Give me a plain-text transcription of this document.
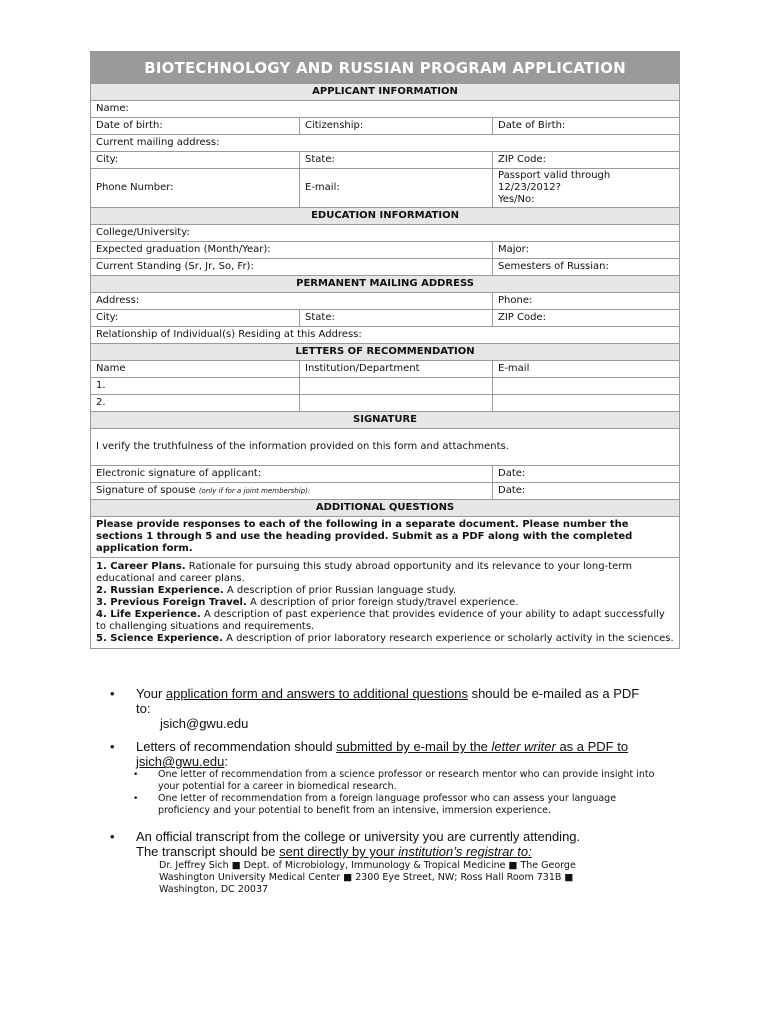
BIOTECHNOLOGY AND RUSSIAN PROGRAM APPLICATION		
APPLICANT INFORMATION		
Name:		
Date of birth:	Citizenship:	Date of Birth:
Current mailing address:		
City:	State:	ZIP Code:
Phone Number:	E-mail:	Passport valid through
12/23/2012?
Yes/No:

EDUCATION INFORMATION		
College/University:		
Expected graduation (Month/Year):		Major:
Current Standing (Sr, Jr, So, Fr):		Semesters of Russian:
PERMANENT MAILING ADDRESS		
Address:		Phone:
City:	State:	ZIP Code:
Relationship of Individual(s) Residing at this Address:		
LETTERS OF RECOMMENDATION		
Name	Institution/Department	E-mail
1.		
2.		
SIGNATURE		
I verify the truthfulness of the information provided on this form and attachments.		
Electronic signature of applicant:		Date:
Signature of spouse (only if for a joint membership):		Date:
ADDITIONAL QUESTIONS		
Please provide responses to each of the following in a separate document. Please number the sections 1 through 5 and use the heading provided. Submit as a PDF along with the completed application form.		

1. Career Plans. Rationale for pursuing this study abroad opportunity and its relevance to your long-term educational and career plans.
2. Russian Experience. A description of prior Russian language study.
3. Previous Foreign Travel. A description of prior foreign study/travel experience.
4. Life Experience. A description of past experience that provides evidence of your ability to adapt successfully to challenging situations and requirements.
5. Science Experience. A description of prior laboratory research experience or scholarly activity in the sciences.		
• Your application form and answers to additional questions should be e-mailed as a PDF to:
jsich@gwu.edu
• Letters of recommendation should submitted by e-mail by the letter writer as a PDF to jsich@gwu.edu:
• One letter of recommendation from a science professor or research mentor who can provide insight into your potential for a career in biomedical research.
• One letter of recommendation from a foreign language professor who can assess your language proficiency and your potential to benefit from an intensive, immersion experience.
• An official transcript from the college or university you are currently attending.
The transcript should be sent directly by your institution’s registrar to:
Dr. Jeffrey Sich ■ Dept. of Microbiology, Immunology & Tropical Medicine ■ The George Washington University Medical Center ■ 2300 Eye Street, NW; Ross Hall Room 731B ■ Washington, DC 20037
